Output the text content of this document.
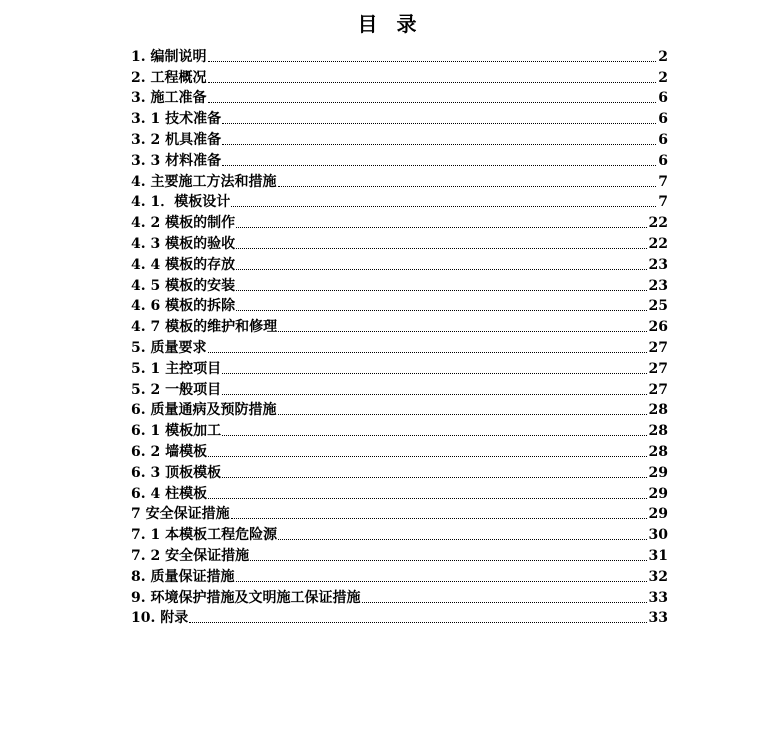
目 录
1. 编制说明	2
2. 工程概况	2
3. 施工准备	6
3. 1 技术准备	6
3. 2 机具准备	6
3. 3 材料准备	6
4. 主要施工方法和措施	7
4. 1．模板设计	7
4. 2 模板的制作	22
4. 3 模板的验收	22
4. 4 模板的存放	23
4. 5 模板的安装	23
4. 6 模板的拆除	25
4. 7 模板的维护和修理	26
5. 质量要求	27
5. 1 主控项目	27
5. 2 一般项目	27
6. 质量通病及预防措施	28
6. 1 模板加工	28
6. 2 墙模板	28
6. 3 顶板模板	29
6. 4 柱模板	29
7 安全保证措施	29
7. 1 本模板工程危险源	30
7. 2 安全保证措施	31
8. 质量保证措施	32
9. 环境保护措施及文明施工保证措施	33
10. 附录	33
